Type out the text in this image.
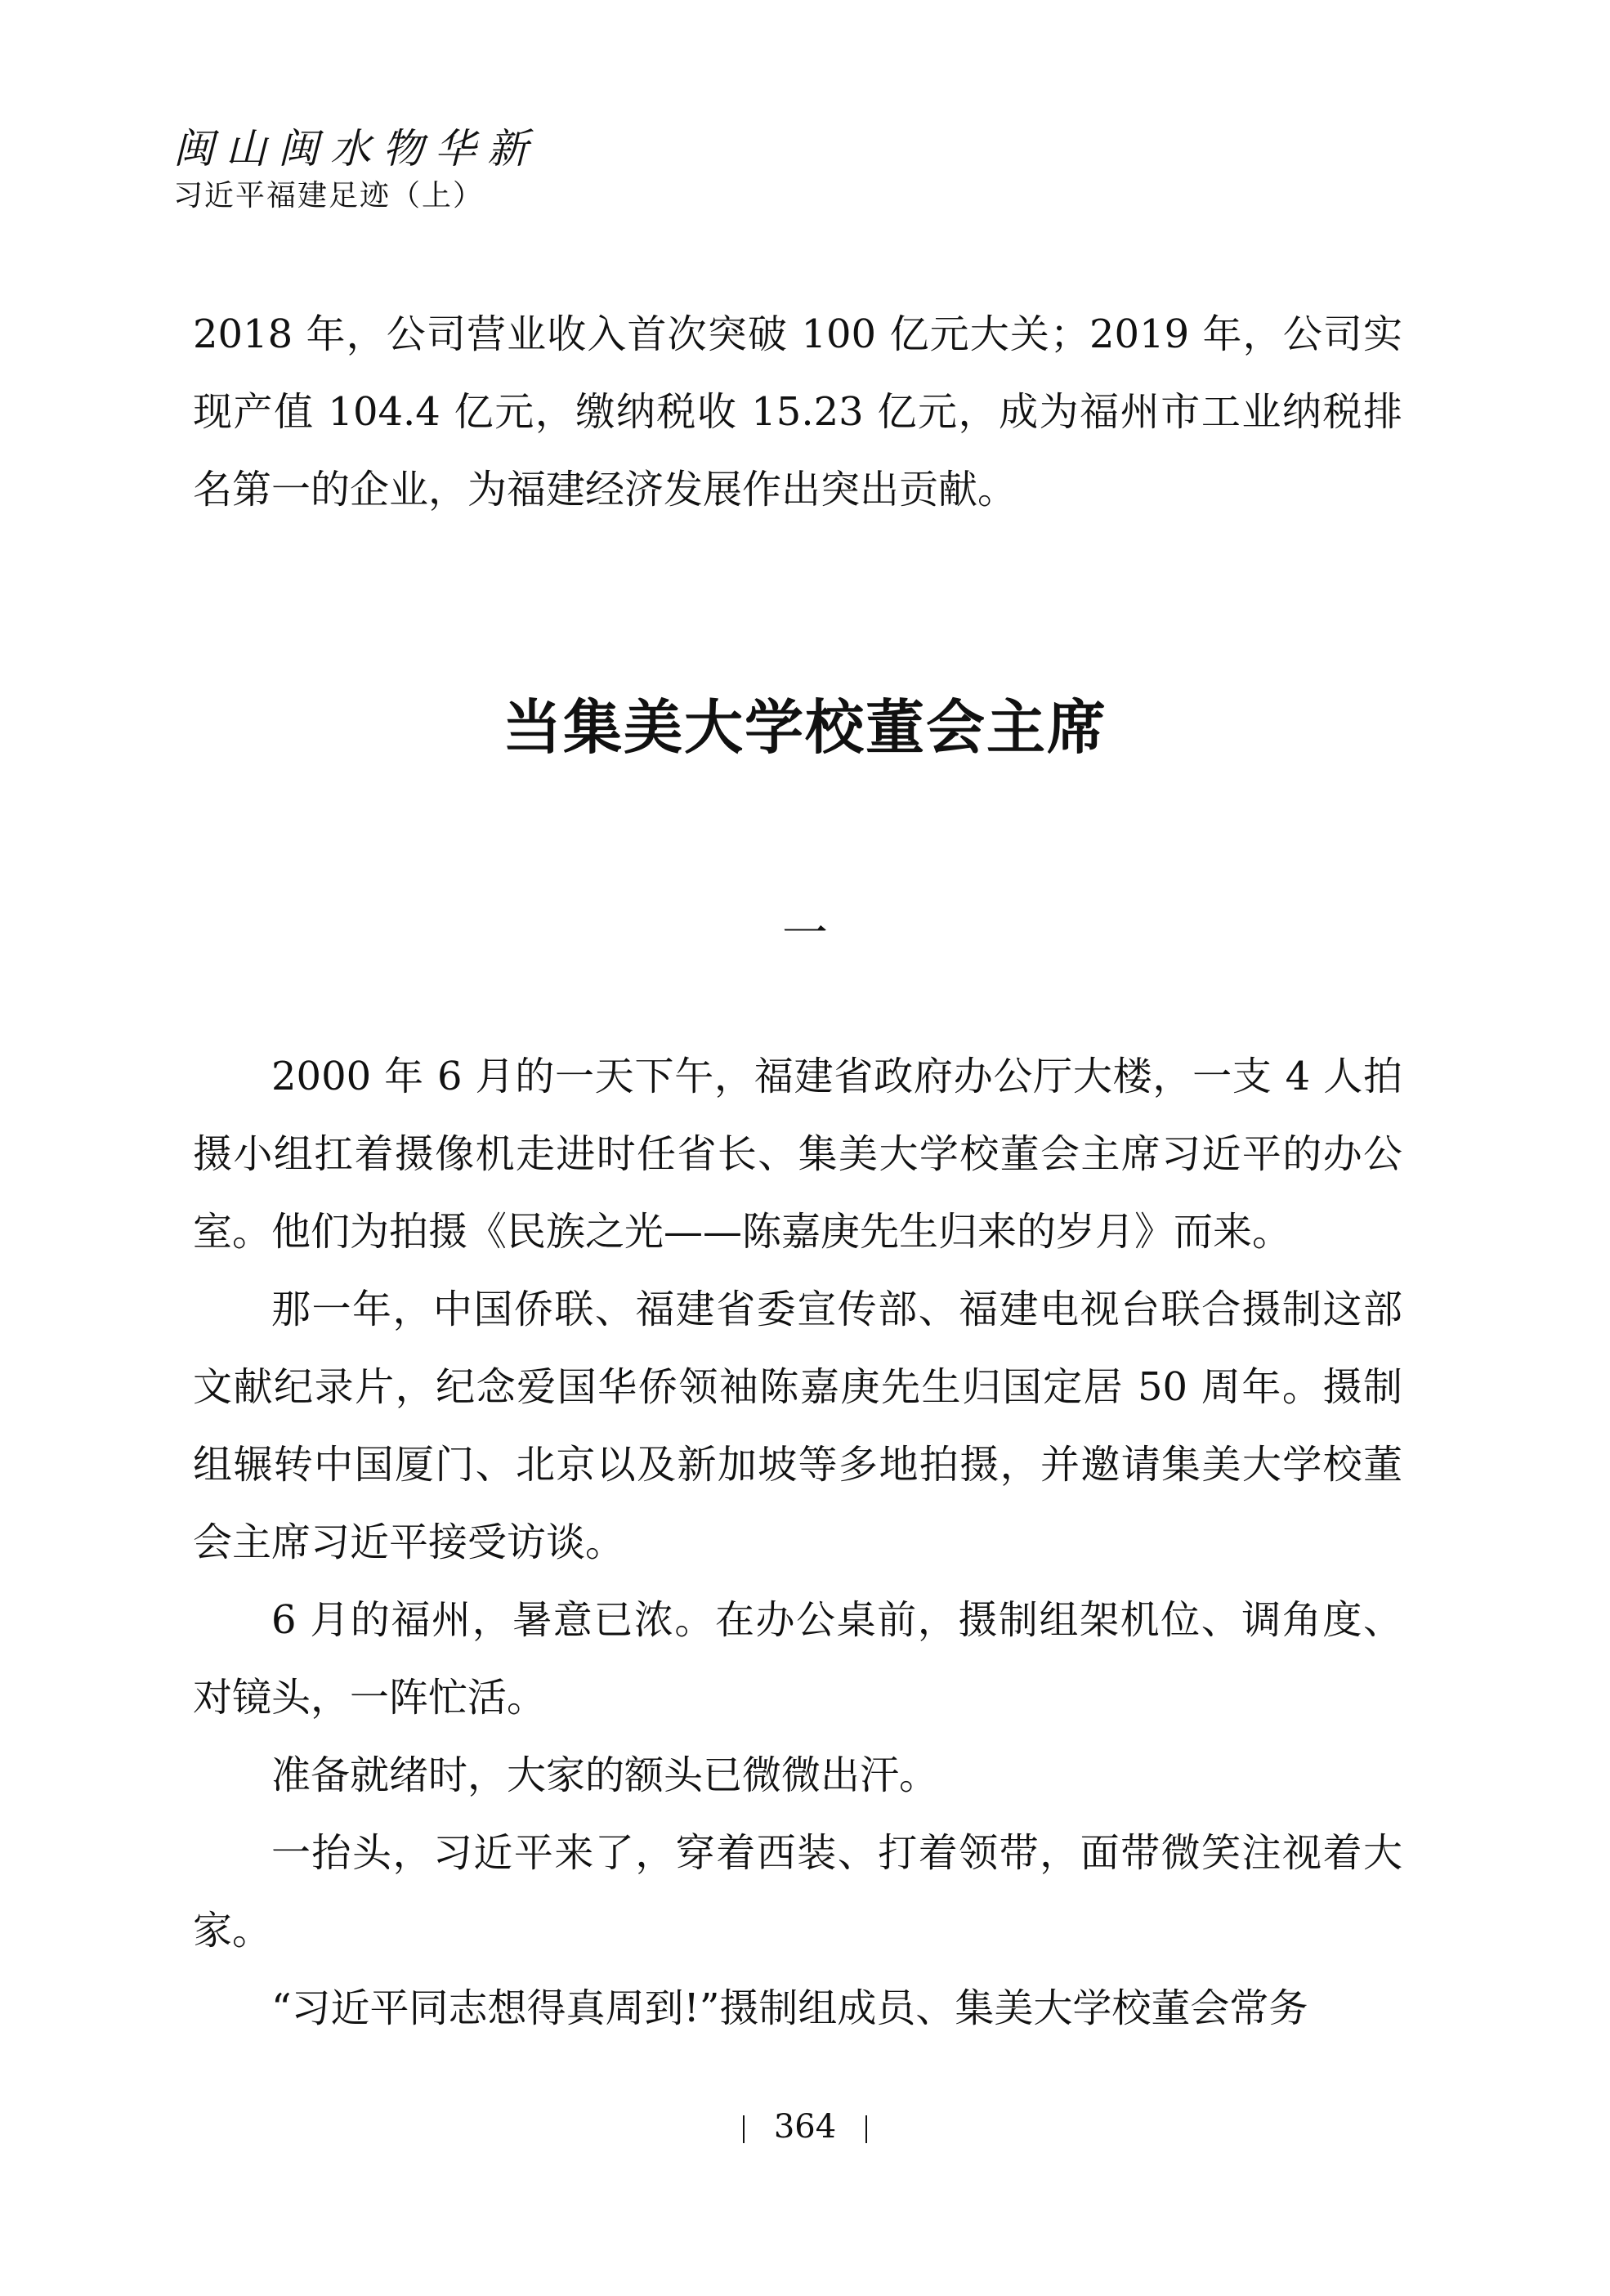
闽山闽水物华新
习近平福建足迹（上）

2018 年，公司营业收入首次突破 100 亿元大关；2019 年，公司实现产值 104.4 亿元，缴纳税收 15.23 亿元，成为福州市工业纳税排名第一的企业，为福建经济发展作出突出贡献。

当集美大学校董会主席
一

2000 年 6 月的一天下午，福建省政府办公厅大楼，一支 4 人拍摄小组扛着摄像机走进时任省长、集美大学校董会主席习近平的办公室。他们为拍摄《民族之光——陈嘉庚先生归来的岁月》而来。

那一年，中国侨联、福建省委宣传部、福建电视台联合摄制这部文献纪录片，纪念爱国华侨领袖陈嘉庚先生归国定居 50 周年。摄制组辗转中国厦门、北京以及新加坡等多地拍摄，并邀请集美大学校董会主席习近平接受访谈。

6 月的福州，暑意已浓。在办公桌前，摄制组架机位、调角度、对镜头，一阵忙活。

准备就绪时，大家的额头已微微出汗。

一抬头，习近平来了，穿着西装、打着领带，面带微笑注视着大家。

“习近平同志想得真周到!”摄制组成员、集美大学校董会常务

364
